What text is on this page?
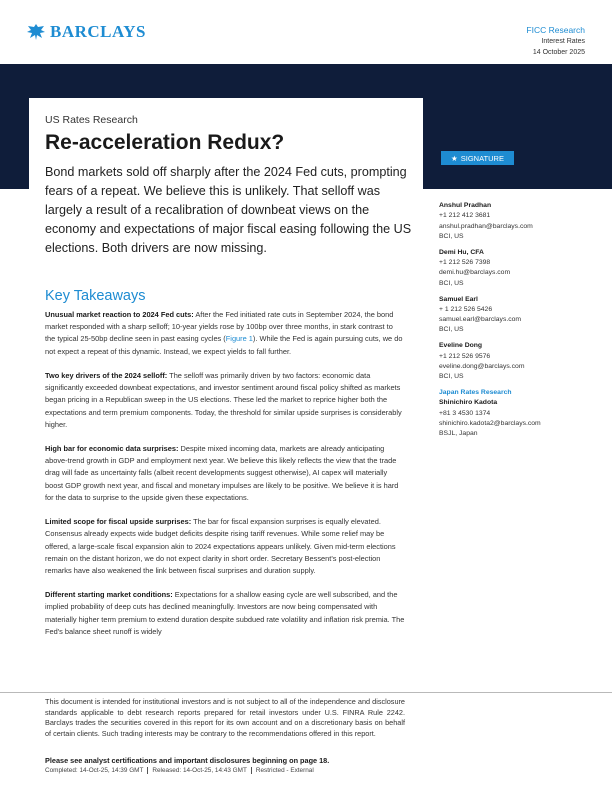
BARCLAYS	FICC Research
Interest Rates
14 October 2025
US Rates Research
Re-acceleration Redux?
Bond markets sold off sharply after the 2024 Fed cuts, prompting fears of a repeat. We believe this is unlikely. That selloff was largely a result of a recalibration of downbeat views on the economy and expectations of major fiscal easing following the US elections. Both drivers are now missing.
★ SIGNATURE
Anshul Pradhan
+1 212 412 3681
anshul.pradhan@barclays.com
BCI, US
Demi Hu, CFA
+1 212 526 7398
demi.hu@barclays.com
BCI, US
Samuel Earl
+ 1 212 526 5426
samuel.earl@barclays.com
BCI, US
Eveline Dong
+1 212 526 9576
eveline.dong@barclays.com
BCI, US
Japan Rates Research
Shinichiro Kadota
+81 3 4530 1374
shinichiro.kadota2@barclays.com
BSJL, Japan
Key Takeaways

Unusual market reaction to 2024 Fed cuts: After the Fed initiated rate cuts in September 2024, the bond market responded with a sharp selloff; 10-year yields rose by 100bp over three months, in stark contrast to the typical 25-50bp decline seen in past easing cycles (Figure 1). While the Fed is again pursuing cuts, we do not expect a repeat of this dynamic. Instead, we expect yields to fall further.

Two key drivers of the 2024 selloff: The selloff was primarily driven by two factors: economic data significantly exceeded downbeat expectations, and investor sentiment around fiscal policy shifted as markets began pricing in a Republican sweep in the US elections. These led the market to reprice higher both the expectations and term premium components. Today, the threshold for similar upside surprises is considerably higher.

High bar for economic data surprises: Despite mixed incoming data, markets are already anticipating above-trend growth in GDP and employment next year. We believe this likely reflects the view that the trade drag will fade as uncertainty falls (albeit recent developments suggest otherwise), AI capex will materially boost GDP growth next year, and fiscal and monetary impulses are likely to be positive. We believe it is hard for the data to surprise to the upside given these expectations.

Limited scope for fiscal upside surprises: The bar for fiscal expansion surprises is equally elevated. Consensus already expects wide budget deficits despite rising tariff revenues. While some relief may be offered, a large-scale fiscal expansion akin to 2024 expectations appears unlikely. Given mid-term elections remain on the distant horizon, we do not expect clarity in short order. Secretary Bessent's post-election remarks have also weakened the link between fiscal surprises and duration supply.

Different starting market conditions: Expectations for a shallow easing cycle are well subscribed, and the implied probability of deep cuts has declined meaningfully. Investors are now being compensated with materially higher term premium to extend duration despite subdued rate volatility and inflation risk premia. The Fed's balance sheet runoff is widely

This document is intended for institutional investors and is not subject to all of the independence and disclosure standards applicable to debt research reports prepared for retail investors under U.S. FINRA Rule 2242. Barclays trades the securities covered in this report for its own account and on a discretionary basis on behalf of certain clients. Such trading interests may be contrary to the recommendations offered in this report.
Please see analyst certifications and important disclosures beginning on page 18.
Completed: 14-Oct-25, 14:39 GMT	Released: 14-Oct-25, 14:43 GMT	Restricted - External
